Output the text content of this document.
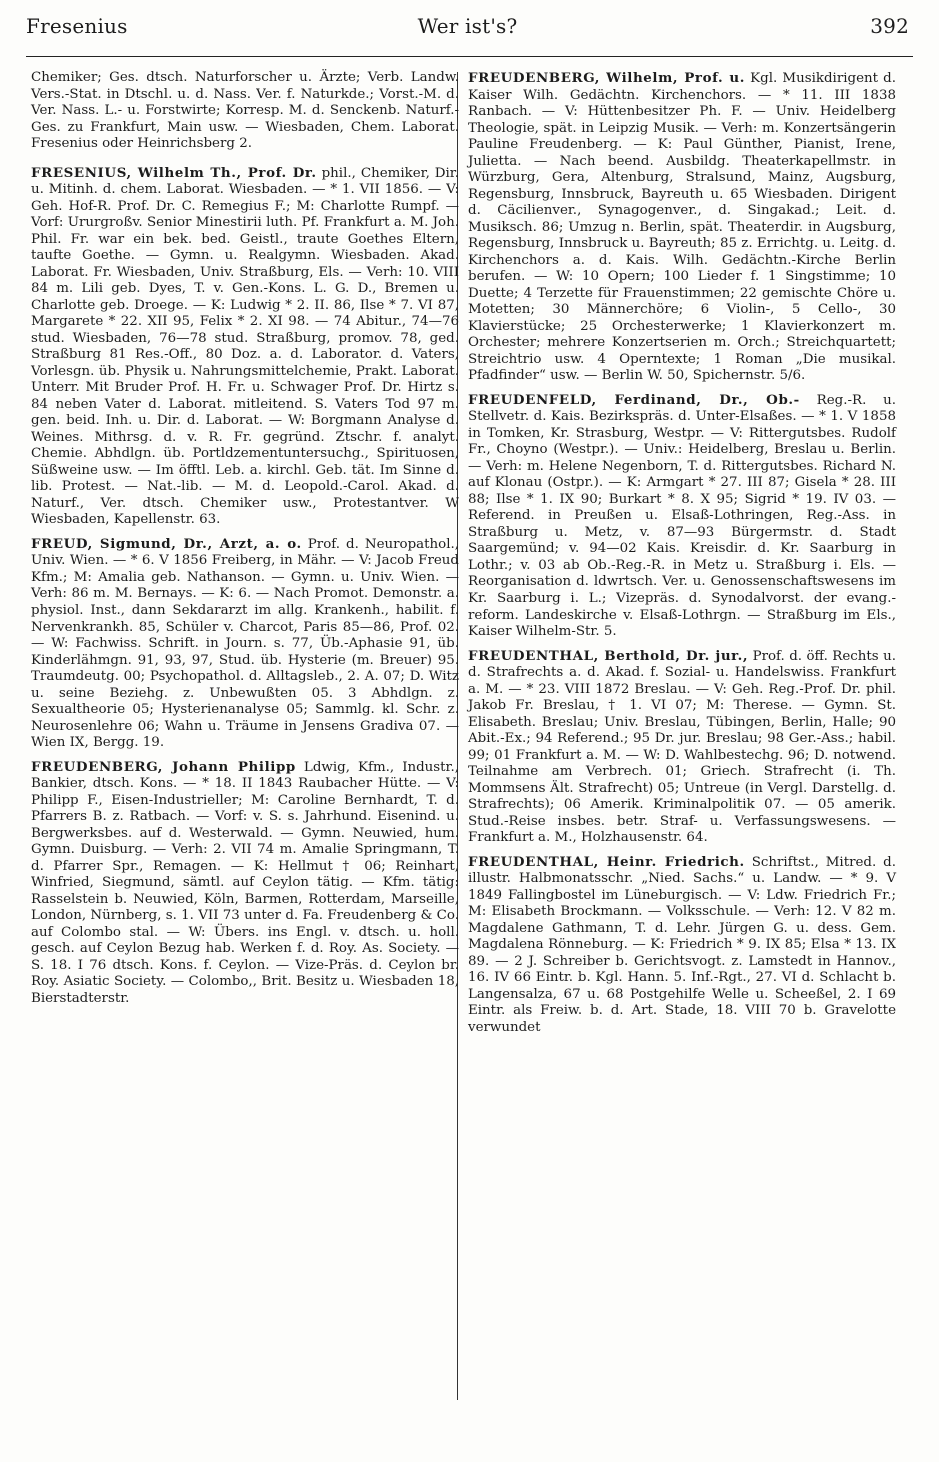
Wer ist's?
Fresenius	392

Chemiker; Ges. dtsch. Naturforscher u. Ärzte; Verb. Landw. Vers.-Stat. in Dtschl. u. d. Nass. Ver. f. Naturkde.; Vorst.-M. d. Ver. Nass. L.- u. Forstwirte; Korresp. M. d. Senckenb. Naturf.-Ges. zu Frankfurt, Main usw. — Wiesbaden, Chem. Laborat. Fresenius oder Heinrichsberg 2.

FRESENIUS, Wilhelm Th., Prof. Dr. phil., Chemiker, Dir. u. Mitinh. d. chem. Laborat. Wiesbaden. — * 1. VII 1856. — V: Geh. Hof-R. Prof. Dr. C. Remegius F.; M: Charlotte Rumpf. — Vorf: Ururgroßv. Senior Minestirii luth. Pf. Frankfurt a. M. Joh. Phil. Fr. war ein bek. bed. Geistl., traute Goethes Eltern, taufte Goethe. — Gymn. u. Realgymn. Wiesbaden. Akad. Laborat. Fr. Wiesbaden, Univ. Straßburg, Els. — Verh: 10. VIII 84 m. Lili geb. Dyes, T. v. Gen.-Kons. L. G. D., Bremen u. Charlotte geb. Droege. — K: Ludwig * 2. II. 86, Ilse * 7. VI 87, Margarete * 22. XII 95, Felix * 2. XI 98. — 74 Abitur., 74—76 stud. Wiesbaden, 76—78 stud. Straßburg, promov. 78, ged. Straßburg 81 Res.-Off., 80 Doz. a. d. Laborator. d. Vaters, Vorlesgn. üb. Physik u. Nahrungsmittelchemie, Prakt. Laborat. Unterr. Mit Bruder Prof. H. Fr. u. Schwager Prof. Dr. Hirtz s. 84 neben Vater d. Laborat. mitleitend. S. Vaters Tod 97 m. gen. beid. Inh. u. Dir. d. Laborat. — W: Borgmann Analyse d. Weines. Mithrsg. d. v. R. Fr. gegründ. Ztschr. f. analyt. Chemie. Abhdlgn. üb. Portldzementuntersuchg., Spirituosen, Süßweine usw. — Im öfftl. Leb. a. kirchl. Geb. tät. Im Sinne d. lib. Protest. — Nat.-lib. — M. d. Leopold.-Carol. Akad. d. Naturf., Ver. dtsch. Chemiker usw., Protestantver. W Wiesbaden, Kapellenstr. 63.

FREUD, Sigmund, Dr., Arzt, a. o. Prof. d. Neuropathol., Univ. Wien. — * 6. V 1856 Freiberg, in Mähr. — V: Jacob Freud Kfm.; M: Amalia geb. Nathanson. — Gymn. u. Univ. Wien. — Verh: 86 m. M. Bernays. — K: 6. — Nach Promot. Demonstr. a. physiol. Inst., dann Sekdararzt im allg. Krankenh., habilit. f. Nervenkrankh. 85, Schüler v. Charcot, Paris 85—86, Prof. 02. — W: Fachwiss. Schrift. in Journ. s. 77, Üb.-Aphasie 91, üb. Kinderlähmgn. 91, 93, 97, Stud. üb. Hysterie (m. Breuer) 95. Traumdeutg. 00; Psychopathol. d. Alltagsleb., 2. A. 07; D. Witz u. seine Beziehg. z. Unbewußten 05. 3 Abhdlgn. z. Sexualtheorie 05; Hysterienanalyse 05; Sammlg. kl. Schr. z. Neurosenlehre 06; Wahn u. Träume in Jensens Gradiva 07. — Wien IX, Bergg. 19.

FREUDENBERG, Johann Philipp Ldwig, Kfm., Industr., Bankier, dtsch. Kons. — * 18. II 1843 Raubacher Hütte. — V: Philipp F., Eisen-Industrieller; M: Caroline Bernhardt, T. d. Pfarrers B. z. Ratbach. — Vorf: v. S. s. Jahrhund. Eisenind. u. Bergwerksbes. auf d. Westerwald. — Gymn. Neuwied, hum. Gymn. Duisburg. — Verh: 2. VII 74 m. Amalie Springmann, T. d. Pfarrer Spr., Remagen. — K: Hellmut † 06; Reinhart, Winfried, Siegmund, sämtl. auf Ceylon tätig. — Kfm. tätig: Rasselstein b. Neuwied, Köln, Barmen, Rotterdam, Marseille, London, Nürnberg, s. 1. VII 73 unter d. Fa. Freudenberg & Co. auf Colombo stal. — W: Übers. ins Engl. v. dtsch. u. holl. gesch. auf Ceylon Bezug hab. Werken f. d. Roy. As. Society. — S. 18. I 76 dtsch. Kons. f. Ceylon. — Vize-Präs. d. Ceylon br. Roy. Asiatic Society. — Colombo,, Brit. Besitz u. Wiesbaden 18, Bierstadterstr.

FREUDENBERG, Wilhelm, Prof. u. Kgl. Musikdirigent d. Kaiser Wilh. Gedächtn. Kirchenchors. — * 11. III 1838 Ranbach. — V: Hüttenbesitzer Ph. F. — Univ. Heidelberg Theologie, spät. in Leipzig Musik. — Verh: m. Konzertsängerin Pauline Freudenberg. — K: Paul Günther, Pianist, Irene, Julietta. — Nach beend. Ausbildg. Theaterkapellmstr. in Würzburg, Gera, Altenburg, Stralsund, Mainz, Augsburg, Regensburg, Innsbruck, Bayreuth u. 65 Wiesbaden. Dirigent d. Cäcilienver., Synagogenver., d. Singakad.; Leit. d. Musiksch. 86; Umzug n. Berlin, spät. Theaterdir. in Augsburg, Regensburg, Innsbruck u. Bayreuth; 85 z. Errichtg. u. Leitg. d. Kirchenchors a. d. Kais. Wilh. Gedächtn.-Kirche Berlin berufen. — W: 10 Opern; 100 Lieder f. 1 Singstimme; 10 Duette; 4 Terzette für Frauenstimmen; 22 gemischte Chöre u. Motetten; 30 Männerchöre; 6 Violin-, 5 Cello-, 30 Klavierstücke; 25 Orchesterwerke; 1 Klavierkonzert m. Orchester; mehrere Konzertserien m. Orch.; Streichquartett; Streichtrio usw. 4 Operntexte; 1 Roman „Die musikal. Pfadfinder“ usw. — Berlin W. 50, Spichernstr. 5/6.

FREUDENFELD, Ferdinand, Dr., Ob.- Reg.-R. u. Stellvetr. d. Kais. Bezirkspräs. d. Unter-Elsaßes. — * 1. V 1858 in Tomken, Kr. Strasburg, Westpr. — V: Rittergutsbes. Rudolf Fr., Choyno (Westpr.). — Univ.: Heidelberg, Breslau u. Berlin. — Verh: m. Helene Negenborn, T. d. Rittergutsbes. Richard N. auf Klonau (Ostpr.). — K: Armgart * 27. III 87; Gisela * 28. III 88; Ilse * 1. IX 90; Burkart * 8. X 95; Sigrid * 19. IV 03. — Referend. in Preußen u. Elsaß-Lothringen, Reg.-Ass. in Straßburg u. Metz, v. 87—93 Bürgermstr. d. Stadt Saargemünd; v. 94—02 Kais. Kreisdir. d. Kr. Saarburg in Lothr.; v. 03 ab Ob.-Reg.-R. in Metz u. Straßburg i. Els. — Reorganisation d. ldwrtsch. Ver. u. Genossenschaftswesens im Kr. Saarburg i. L.; Vizepräs. d. Synodalvorst. der evang.-reform. Landeskirche v. Elsaß-Lothrgn. — Straßburg im Els., Kaiser Wilhelm-Str. 5.

FREUDENTHAL, Berthold, Dr. jur., Prof. d. öff. Rechts u. d. Strafrechts a. d. Akad. f. Sozial- u. Handelswiss. Frankfurt a. M. — * 23. VIII 1872 Breslau. — V: Geh. Reg.-Prof. Dr. phil. Jakob Fr. Breslau, † 1. VI 07; M: Therese. — Gymn. St. Elisabeth. Breslau; Univ. Breslau, Tübingen, Berlin, Halle; 90 Abit.-Ex.; 94 Referend.; 95 Dr. jur. Breslau; 98 Ger.-Ass.; habil. 99; 01 Frankfurt a. M. — W: D. Wahlbestechg. 96; D. notwend. Teilnahme am Verbrech. 01; Griech. Strafrecht (i. Th. Mommsens Ält. Strafrecht) 05; Untreue (in Vergl. Darstellg. d. Strafrechts); 06 Amerik. Kriminalpolitik 07. — 05 amerik. Stud.-Reise insbes. betr. Straf- u. Verfassungswesens. — Frankfurt a. M., Holzhausenstr. 64.

FREUDENTHAL, Heinr. Friedrich. Schriftst., Mitred. d. illustr. Halbmonatsschr. „Nied. Sachs.“ u. Landw. — * 9. V 1849 Fallingbostel im Lüneburgisch. — V: Ldw. Friedrich Fr.; M: Elisabeth Brockmann. — Volksschule. — Verh: 12. V 82 m. Magdalene Gathmann, T. d. Lehr. Jürgen G. u. dess. Gem. Magdalena Rönneburg. — K: Friedrich * 9. IX 85; Elsa * 13. IX 89. — 2 J. Schreiber b. Gerichtsvogt. z. Lamstedt in Hannov., 16. IV 66 Eintr. b. Kgl. Hann. 5. Inf.-Rgt., 27. VI d. Schlacht b. Langensalza, 67 u. 68 Postgehilfe Welle u. Scheeßel, 2. I 69 Eintr. als Freiw. b. d. Art. Stade, 18. VIII 70 b. Gravelotte verwundet
